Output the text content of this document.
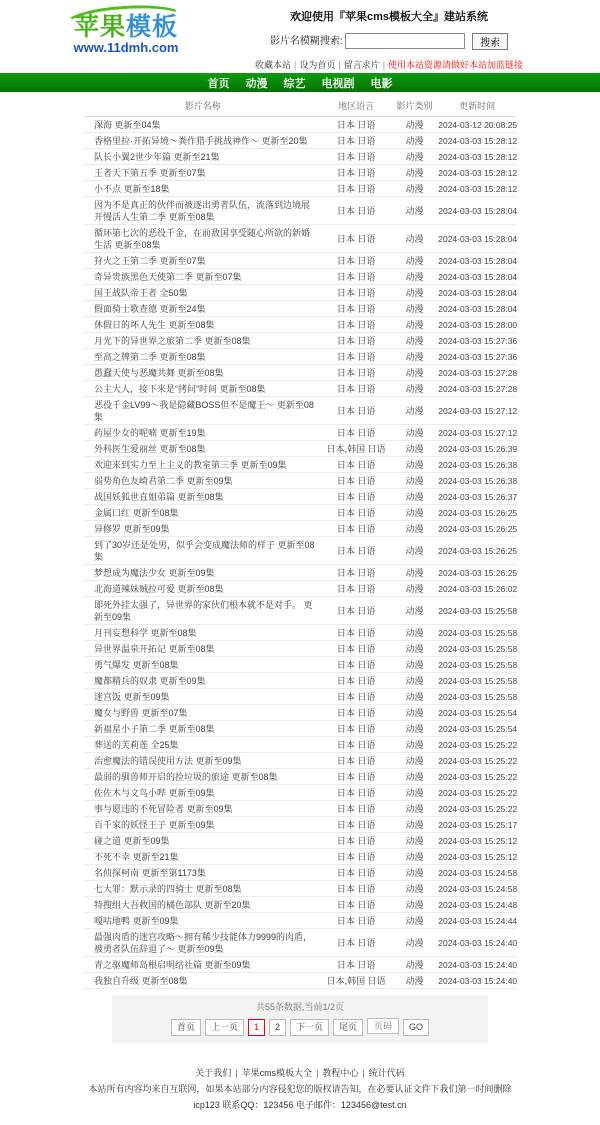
苹果模板
www.11dmh.com
欢迎使用『苹果cms模板大全』建站系统
影片名模糊搜索:	搜索
收藏本站 | 设为首页 | 留言求片 | 使用本站资源请做好本站加蓝链接
首页 动漫 综艺 电视剧 电影
影片名称	地区语言	影片类别	更新时间
深海 更新至04集	日本 日语	动漫	2024-03-12 20:08:25
香格里拉·开拓异境～粪作猎手挑战神作～ 更新至20集	日本 日语	动漫	2024-03-03 15:28:12
队长小翼2世少年篇 更新至21集	日本 日语	动漫	2024-03-03 15:28:12
王者天下第五季 更新至07集	日本 日语	动漫	2024-03-03 15:28:12
小不点 更新至18集	日本 日语	动漫	2024-03-03 15:28:12
因为不是真正的伙伴而被逐出勇者队伍，流落到边境展开慢活人生第二季 更新至08集	日本 日语	动漫	2024-03-03 15:28:04
循环第七次的恶役千金，在前敌国享受随心所欲的新婚生活 更新至08集	日本 日语	动漫	2024-03-03 15:28:04
狩火之王第二季 更新至07集	日本 日语	动漫	2024-03-03 15:28:04
奇异贵族黑色天使第二季 更新至07集	日本 日语	动漫	2024-03-03 15:28:04
国王战队帝王者 全50集	日本 日语	动漫	2024-03-03 15:28:04
假面骑士歌查德 更新至24集	日本 日语	动漫	2024-03-03 15:28:04
休假日的坏人先生 更新至08集	日本 日语	动漫	2024-03-03 15:28:00
月光下的异世界之旅第二季 更新至08集	日本 日语	动漫	2024-03-03 15:27:36
至高之牌第二季 更新至08集	日本 日语	动漫	2024-03-03 15:27:36
愚蠢天使与恶魔共舞 更新至08集	日本 日语	动漫	2024-03-03 15:27:28
公主大人，接下来是“拷问”时间 更新至08集	日本 日语	动漫	2024-03-03 15:27:28
恶役千金LV99～我是隐藏BOSS但不是魔王～ 更新至08集	日本 日语	动漫	2024-03-03 15:27:12
药屋少女的呢喃 更新至19集	日本 日语	动漫	2024-03-03 15:27:12
外科医生爱丽丝 更新至08集	日本,韩国 日语	动漫	2024-03-03 15:26:39
欢迎来到实力至上主义的教室第三季 更新至09集	日本 日语	动漫	2024-03-03 15:26:38
弱势角色友崎君第二季 更新至09集	日本 日语	动漫	2024-03-03 15:26:38
战国妖狐世直姐弟篇 更新至08集	日本 日语	动漫	2024-03-03 15:26:37
金属口红 更新至08集	日本 日语	动漫	2024-03-03 15:26:25
异修罗 更新至09集	日本 日语	动漫	2024-03-03 15:26:25
到了30岁还是处男，似乎会变成魔法师的样子 更新至08集	日本 日语	动漫	2024-03-03 15:26:25
梦想成为魔法少女 更新至09集	日本 日语	动漫	2024-03-03 15:26:25
北海道辣妹贼拉可爱 更新至08集	日本 日语	动漫	2024-03-03 15:26:02
即死外挂太强了，异世界的家伙们根本就不是对手。 更新至09集	日本 日语	动漫	2024-03-03 15:25:58
月刊妄想科学 更新至08集	日本 日语	动漫	2024-03-03 15:25:58
异世界温泉开拓记 更新至08集	日本 日语	动漫	2024-03-03 15:25:58
勇气爆发 更新至08集	日本 日语	动漫	2024-03-03 15:25:58
魔都精兵的奴隶 更新至09集	日本 日语	动漫	2024-03-03 15:25:58
迷宫饭 更新至09集	日本 日语	动漫	2024-03-03 15:25:58
魔女与野兽 更新至07集	日本 日语	动漫	2024-03-03 15:25:54
新福星小子第二季 更新至08集	日本 日语	动漫	2024-03-03 15:25:54
葬送的芙莉莲 全25集	日本 日语	动漫	2024-03-03 15:25:22
治愈魔法的错误使用方法 更新至09集	日本 日语	动漫	2024-03-03 15:25:22
最弱的驯兽师开启的捡垃圾的旅途 更新至08集	日本 日语	动漫	2024-03-03 15:25:22
佐佐木与文鸟小哔 更新至09集	日本 日语	动漫	2024-03-03 15:25:22
事与愿违的不死冒险者 更新至09集	日本 日语	动漫	2024-03-03 15:25:22
百千家的妖怪王子 更新至09集	日本 日语	动漫	2024-03-03 15:25:17
碰之道 更新至09集	日本 日语	动漫	2024-03-03 15:25:12
不死不幸 更新至21集	日本 日语	动漫	2024-03-03 15:25:12
名侦探柯南 更新至第1173集	日本 日语	动漫	2024-03-03 15:24:58
七大罪：默示录的四骑士 更新至08集	日本 日语	动漫	2024-03-03 15:24:58
特搜组大吾救国的橘色部队 更新至20集	日本 日语	动漫	2024-03-03 15:24:48
嘎咕地鸭 更新至09集	日本 日语	动漫	2024-03-03 15:24:44
最强肉盾的迷宫攻略～拥有稀少技能体力9999的肉盾，被勇者队伍辞退了～ 更新至09集	日本 日语	动漫	2024-03-03 15:24:40
青之驱魔师岛根启明结社篇 更新至09集	日本 日语	动漫	2024-03-03 15:24:40
我独自升级 更新至08集	日本,韩国 日语	动漫	2024-03-03 15:24:40
共55条数据,当前1/2页
首页 上一页 1 2 下一页 尾页页码	GO
关于我们 | 苹果cms模板大全 | 教程中心 | 统计代码
本站所有内容均来自互联网，如果本站部分内容侵犯您的版权请告知，在必要认证文件下我们第一时间删除
icp123 联系QQ：123456 电子邮件：123456@test.cn
